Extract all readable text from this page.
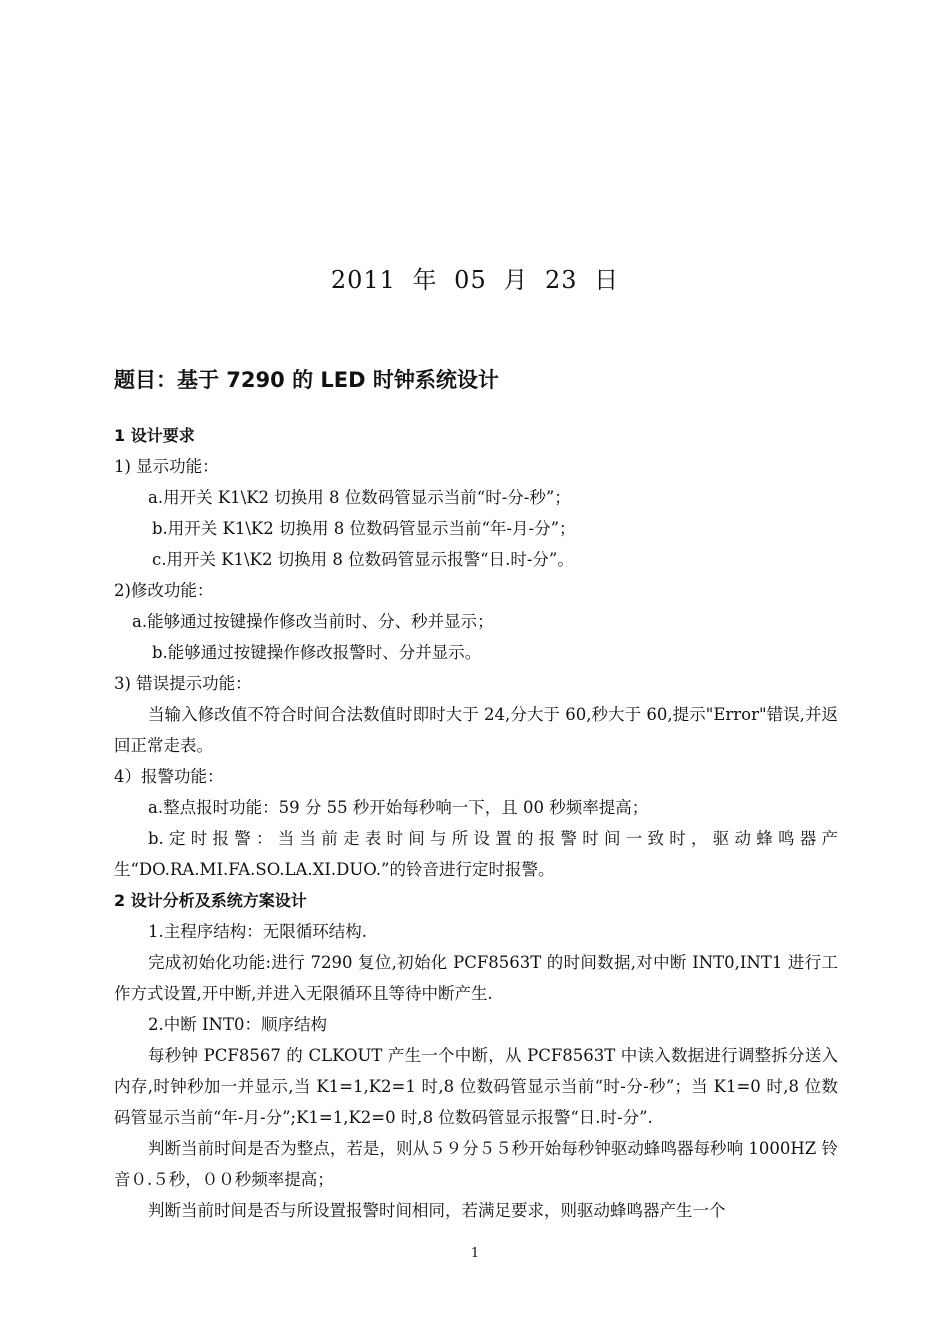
2011 年 05 月 23 日
题目：基于 7290 的 LED 时钟系统设计
1 设计要求
1) 显示功能：
a.用开关 K1\K2 切换用 8 位数码管显示当前“时-分-秒”；
b.用开关 K1\K2 切换用 8 位数码管显示当前“年-月-分”；
c.用开关 K1\K2 切换用 8 位数码管显示报警“日.时-分”。
2)修改功能：
a.能够通过按键操作修改当前时、分、秒并显示；
b.能够通过按键操作修改报警时、分并显示。
3) 错误提示功能：
当输入修改值不符合时间合法数值时即时大于 24,分大于 60,秒大于 60,提示"Error"错误,并返回正常走表。
4）报警功能：
a.整点报时功能：59 分 55 秒开始每秒响一下，且 00 秒频率提高；
b.定时报警：当当前走表时间与所设置的报警时间一致时，驱动蜂鸣器产生“DO.RA.MI.FA.SO.LA.XI.DUO.”的铃音进行定时报警。
2 设计分析及系统方案设计
1.主程序结构：无限循环结构.
完成初始化功能:进行 7290 复位,初始化 PCF8563T 的时间数据,对中断 INT0,INT1 进行工作方式设置,开中断,并进入无限循环且等待中断产生.
2.中断 INT0：顺序结构
每秒钟 PCF8567 的 CLKOUT 产生一个中断，从 PCF8563T 中读入数据进行调整拆分送入内存,时钟秒加一并显示,当 K1=1,K2=1 时,8 位数码管显示当前“时-分-秒”；当 K1=0 时,8 位数码管显示当前“年-月-分”;K1=1,K2=0 时,8 位数码管显示报警“日.时-分”.
判断当前时间是否为整点，若是，则从５９分５５秒开始每秒钟驱动蜂鸣器每秒响 1000HZ 铃音０.５秒，００秒频率提高；
判断当前时间是否与所设置报警时间相同，若满足要求，则驱动蜂鸣器产生一个
1
